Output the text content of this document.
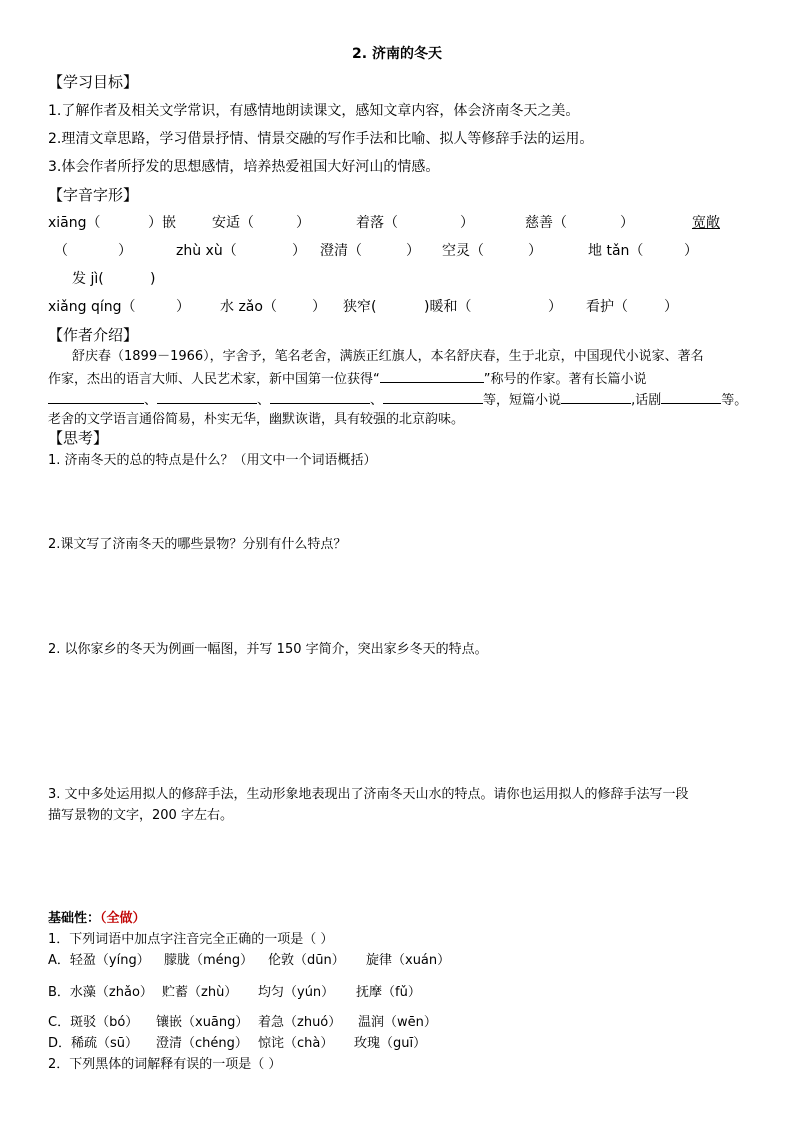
2. 济南的冬天
【学习目标】
1.了解作者及相关文学常识，有感情地朗读课文，感知文章内容，体会济南冬天之美。
2.理清文章思路，学习借景抒情、情景交融的写作手法和比喻、拟人等修辞手法的运用。
3.体会作者所抒发的思想感情，培养热爱祖国大好河山的情感。
【字音字形】
xiāng（	）嵌	安适（	）	着落（	）	慈善（	）	宽敞
（	）	zhù xù（	） 澄清（	） 空灵（	）	地 tǎn（	）
发 jì(	)
xiǎng qíng（	） 水 zǎo（	） 狭窄(	)暖和（	） 看护（	）
【作者介绍】
舒庆春（1899－1966），字舍予，笔名老舍，满族正红旗人，本名舒庆春，生于北京，中国现代小说家、著名
作家，杰出的语言大师、人民艺术家，新中国第一位获得“	”称号的作家。著有长篇小说
、	、	、	等，短篇小说	,话剧	等。
老舍的文学语言通俗简易，朴实无华，幽默诙谐，具有较强的北京韵味。
【思考】
1. 济南冬天的总的特点是什么？（用文中一个词语概括）
2.课文写了济南冬天的哪些景物？分别有什么特点？
2. 以你家乡的冬天为例画一幅图，并写 150 字简介，突出家乡冬天的特点。
3. 文中多处运用拟人的修辞手法，生动形象地表现出了济南冬天山水的特点。请你也运用拟人的修辞手法写一段
描写景物的文字，200 字左右。
基础性：（全做）
1．下列词语中加点字注音完全正确的一项是（ ）
A．轻盈（yíng） 朦胧（méng） 伦敦（dūn） 旋律（xuán）
B．水藻（zhǎo） 贮蓄（zhù） 均匀（yún） 抚摩（fǔ）
C．斑驳（bó） 镶嵌（xuāng） 着急（zhuó） 温润（wēn）
D．稀疏（sū） 澄清（chéng） 惊诧（chà） 玫瑰（guī）
2．下列黑体的词解释有误的一项是（ ）
